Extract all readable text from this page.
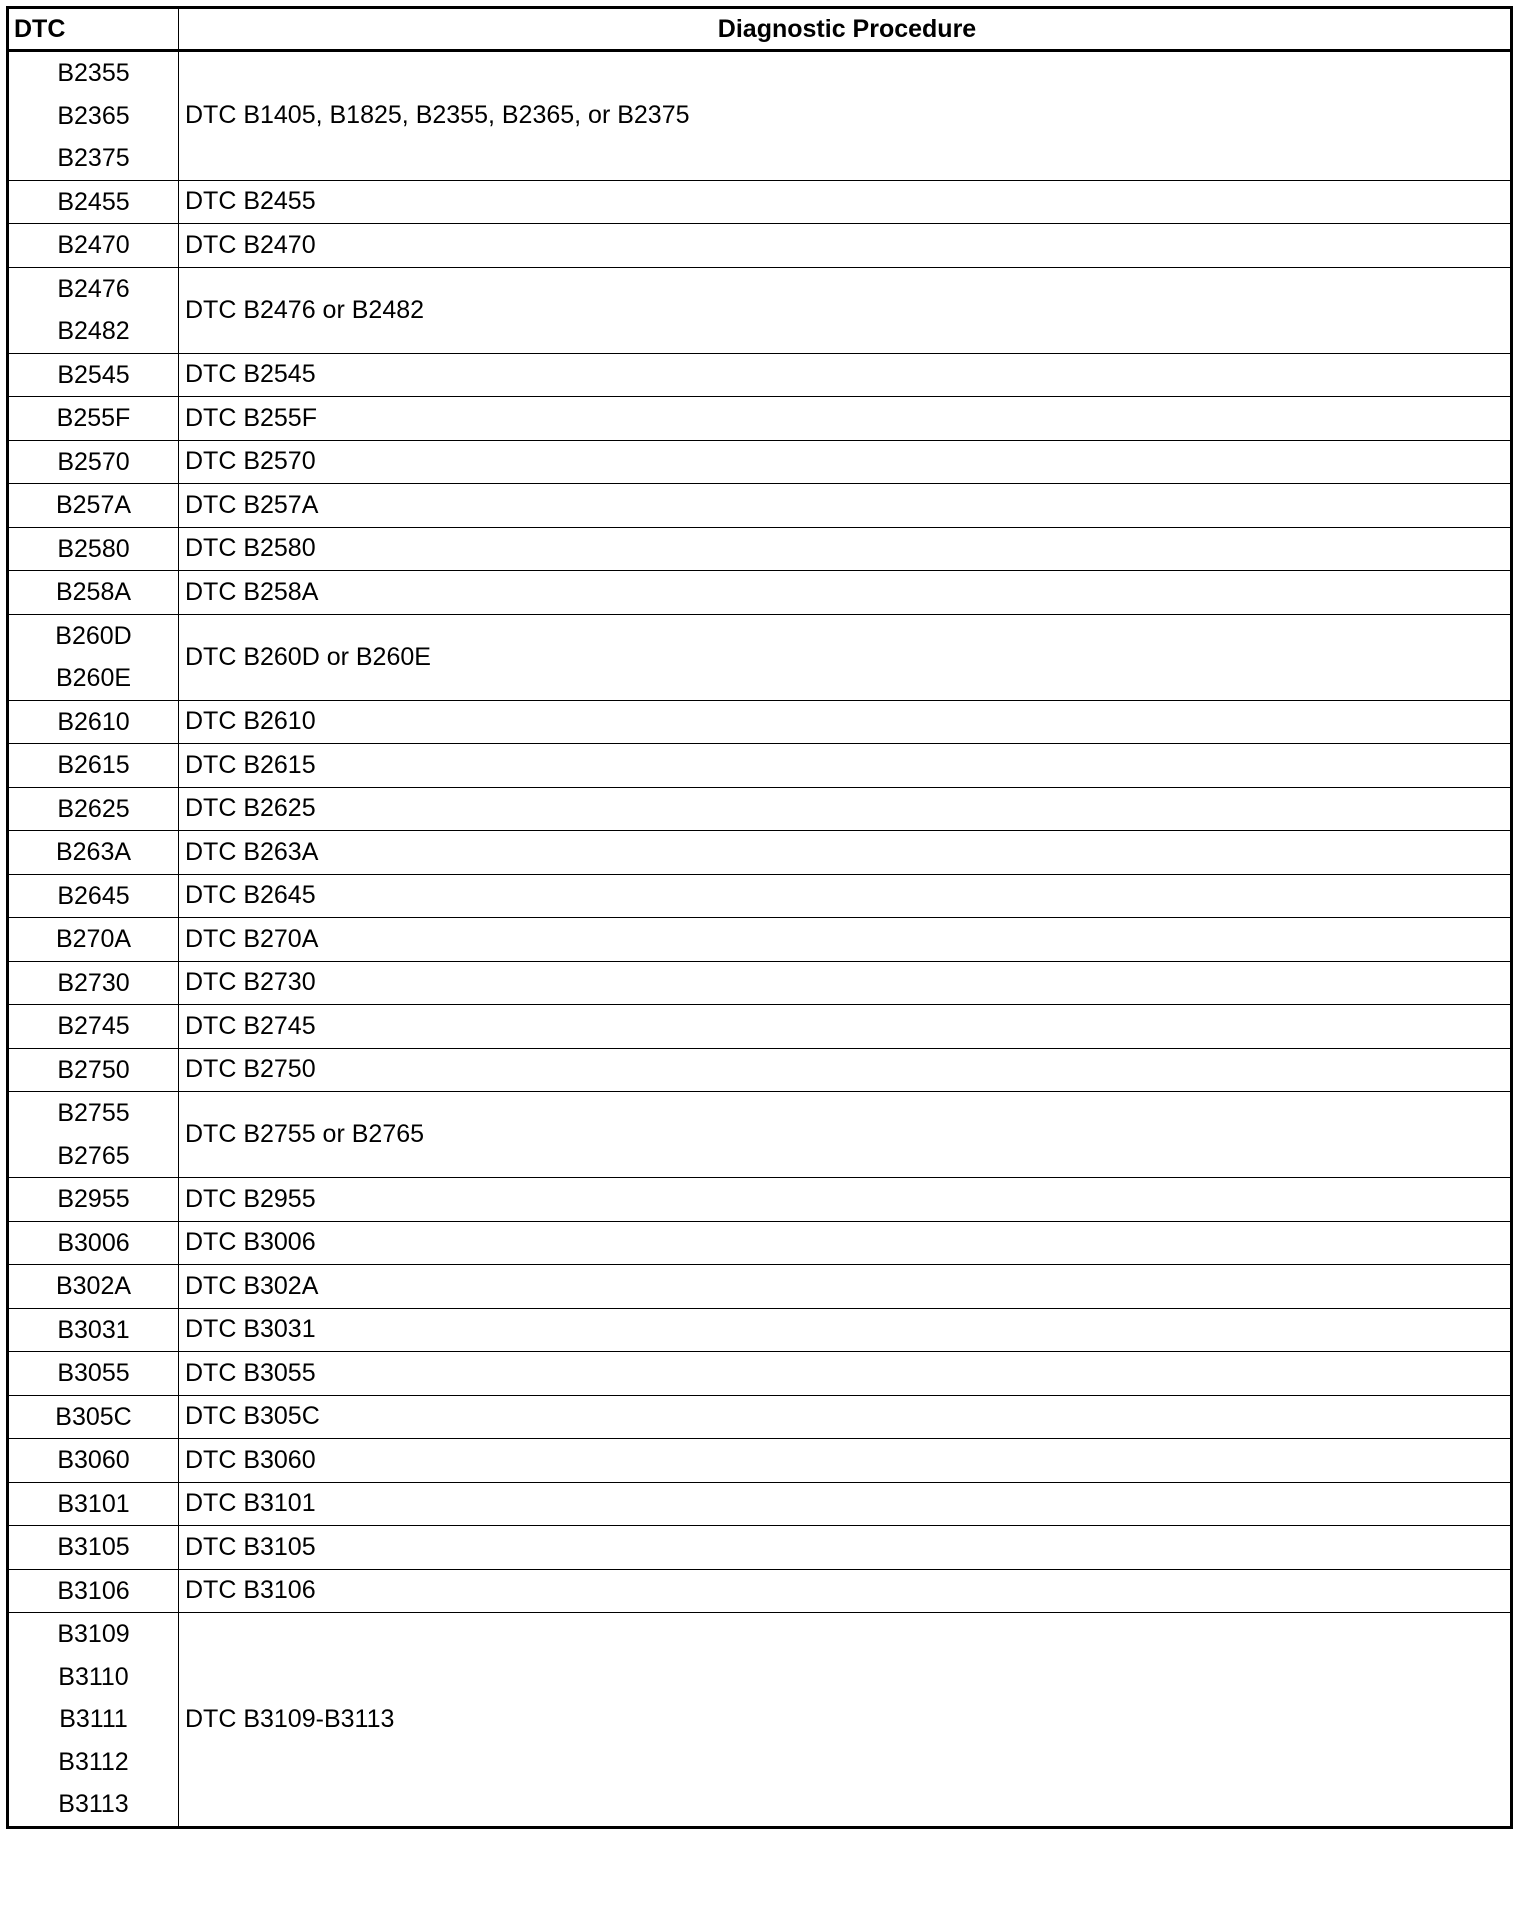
DTC	Diagnostic Procedure

B2355
B2365
B2375	DTC B1405, B1825, B2355, B2365, or B2375

B2455	DTC B2455

B2470	DTC B2470

B2476
B2482	DTC B2476 or B2482

B2545	DTC B2545

B255F	DTC B255F

B2570	DTC B2570

B257A	DTC B257A

B2580	DTC B2580

B258A	DTC B258A

B260D
B260E	DTC B260D or B260E

B2610	DTC B2610

B2615	DTC B2615

B2625	DTC B2625

B263A	DTC B263A

B2645	DTC B2645

B270A	DTC B270A

B2730	DTC B2730

B2745	DTC B2745

B2750	DTC B2750

B2755
B2765	DTC B2755 or B2765

B2955	DTC B2955

B3006	DTC B3006

B302A	DTC B302A

B3031	DTC B3031

B3055	DTC B3055

B305C	DTC B305C

B3060	DTC B3060

B3101	DTC B3101

B3105	DTC B3105

B3106	DTC B3106

B3109
B3110
B3111
B3112
B3113	DTC B3109-B3113
